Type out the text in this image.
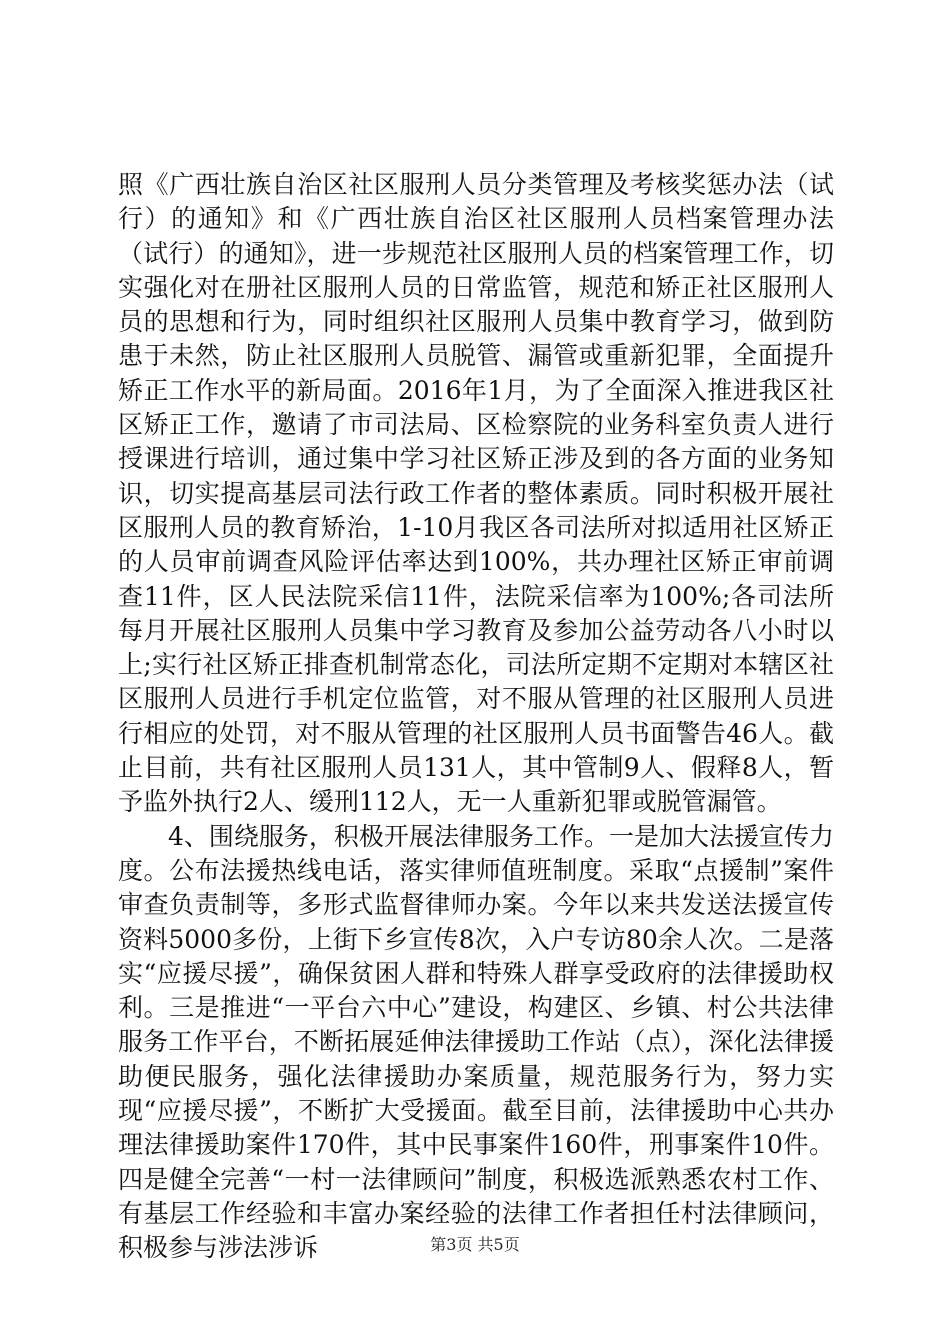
照《广西壮族自治区社区服刑人员分类管理及考核奖惩办法（试行）的通知》和《广西壮族自治区社区服刑人员档案管理办法（试行）的通知》，进一步规范社区服刑人员的档案管理工作，切实强化对在册社区服刑人员的日常监管，规范和矫正社区服刑人员的思想和行为，同时组织社区服刑人员集中教育学习，做到防患于未然，防止社区服刑人员脱管、漏管或重新犯罪，全面提升矫正工作水平的新局面。2016年1月，为了全面深入推进我区社区矫正工作，邀请了市司法局、区检察院的业务科室负责人进行授课进行培训，通过集中学习社区矫正涉及到的各方面的业务知识，切实提高基层司法行政工作者的整体素质。同时积极开展社区服刑人员的教育矫治，1-10月我区各司法所对拟适用社区矫正的人员审前调查风险评估率达到100%，共办理社区矫正审前调查11件，区人民法院采信11件，法院采信率为100%;各司法所每月开展社区服刑人员集中学习教育及参加公益劳动各八小时以上;实行社区矫正排查机制常态化，司法所定期不定期对本辖区社区服刑人员进行手机定位监管，对不服从管理的社区服刑人员进行相应的处罚，对不服从管理的社区服刑人员书面警告46人。截止目前，共有社区服刑人员131人，其中管制9人、假释8人，暂予监外执行2人、缓刑112人，无一人重新犯罪或脱管漏管。

4、围绕服务，积极开展法律服务工作。一是加大法援宣传力度。公布法援热线电话，落实律师值班制度。采取“点援制”案件审查负责制等，多形式监督律师办案。今年以来共发送法援宣传资料5000多份，上街下乡宣传8次，入户专访80余人次。二是落实“应援尽援”，确保贫困人群和特殊人群享受政府的法律援助权利。三是推进“一平台六中心”建设，构建区、乡镇、村公共法律服务工作平台，不断拓展延伸法律援助工作站（点），深化法律援助便民服务，强化法律援助办案质量，规范服务行为，努力实现“应援尽援”，不断扩大受援面。截至目前，法律援助中心共办理法律援助案件170件，其中民事案件160件，刑事案件10件。四是健全完善“一村一法律顾问”制度，积极选派熟悉农村工作、有基层工作经验和丰富办案经验的法律工作者担任村法律顾问，积极参与涉法涉诉	第3页 共5页
